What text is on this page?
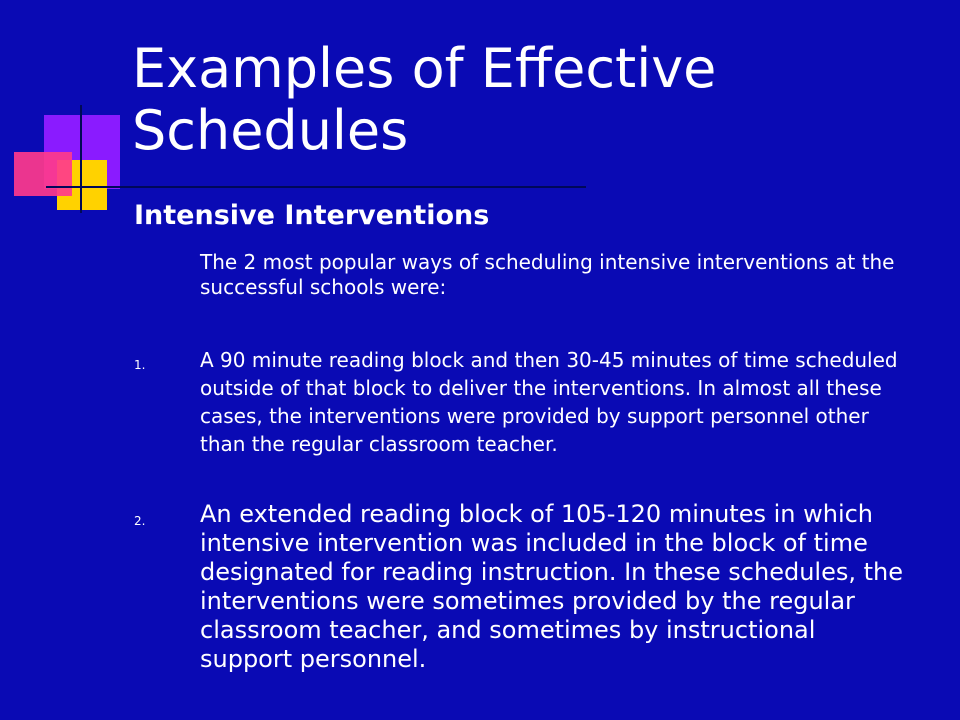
Examples of Effective Schedules
Intensive Interventions

The 2 most popular ways of scheduling intensive interventions at the successful schools were:

1.	A 90 minute reading block and then 30-45 minutes of time scheduled outside of that block to deliver the interventions. In almost all these cases, the interventions were provided by support personnel other than the regular classroom teacher.

2. An extended reading block of 105-120 minutes in which intensive intervention was included in the block of time designated for reading instruction. In these schedules, the interventions were sometimes provided by the regular classroom teacher, and sometimes by instructional support personnel.
